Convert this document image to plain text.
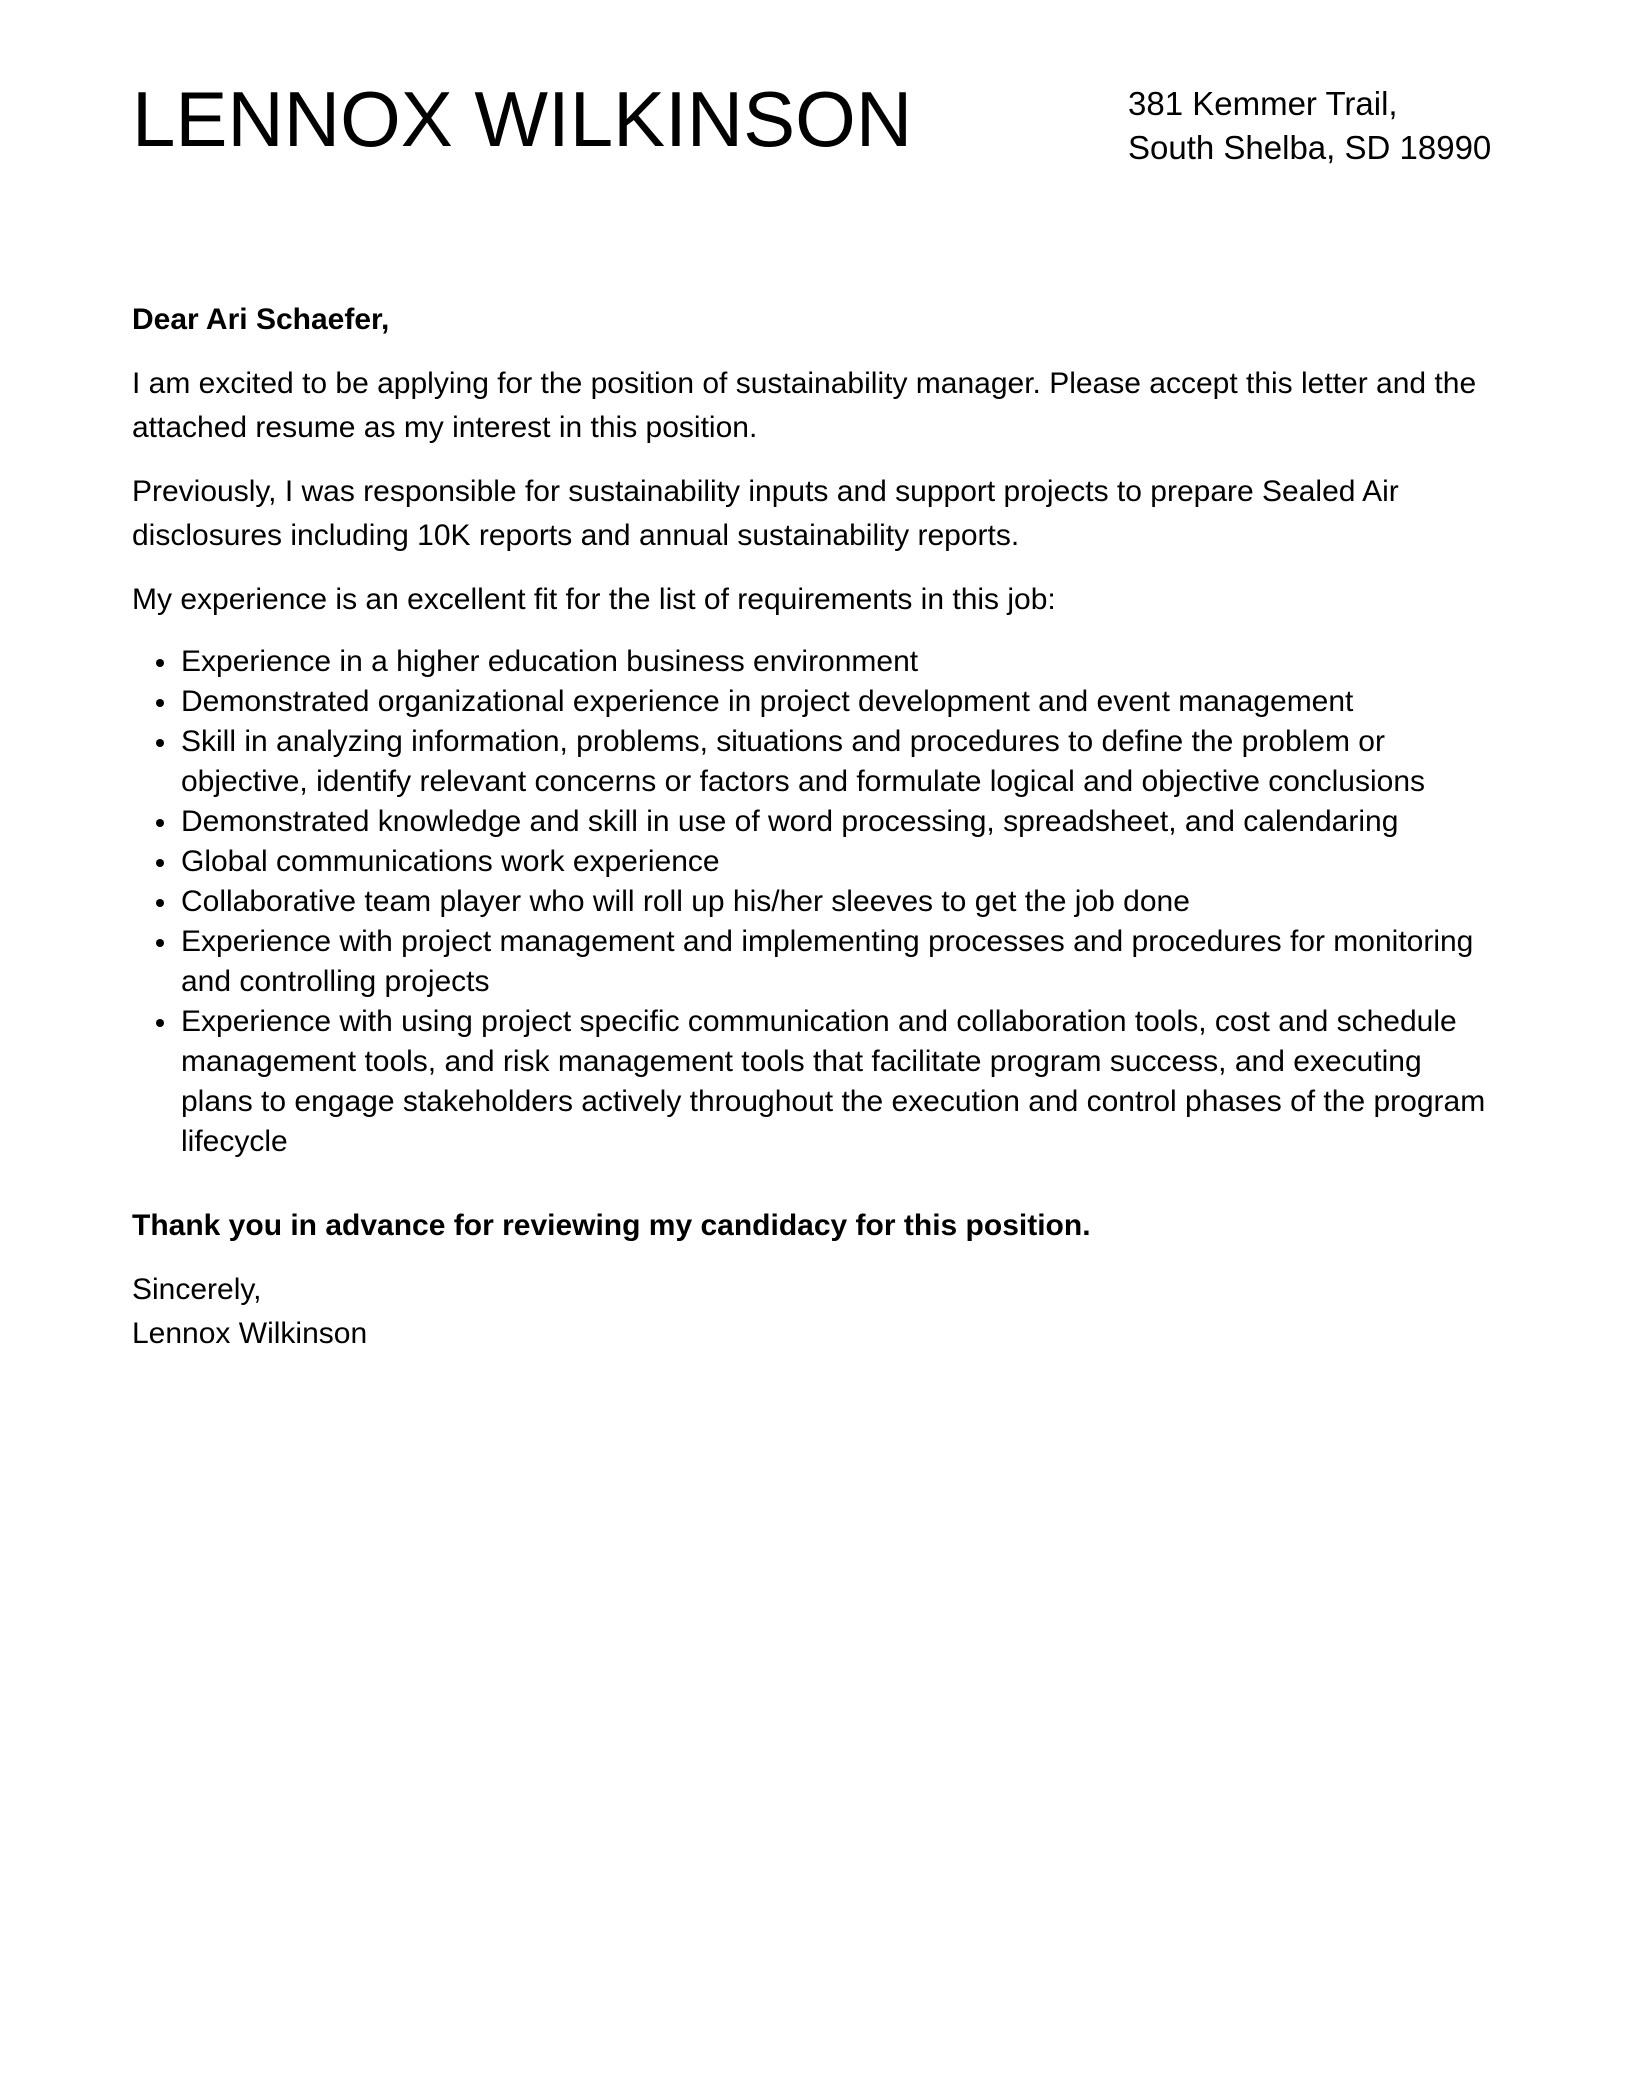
LENNOX WILKINSON	381 Kemmer Trail,
South Shelba, SD 18990

Dear Ari Schaefer,

I am excited to be applying for the position of sustainability manager. Please accept this letter and the attached resume as my interest in this position.

Previously, I was responsible for sustainability inputs and support projects to prepare Sealed Air disclosures including 10K reports and annual sustainability reports.

My experience is an excellent fit for the list of requirements in this job:

Experience in a higher education business environment
Demonstrated organizational experience in project development and event management
Skill in analyzing information, problems, situations and procedures to define the problem or objective, identify relevant concerns or factors and formulate logical and objective conclusions
Demonstrated knowledge and skill in use of word processing, spreadsheet, and calendaring
Global communications work experience
Collaborative team player who will roll up his/her sleeves to get the job done
Experience with project management and implementing processes and procedures for monitoring and controlling projects
Experience with using project specific communication and collaboration tools, cost and schedule management tools, and risk management tools that facilitate program success, and executing plans to engage stakeholders actively throughout the execution and control phases of the program lifecycle

Thank you in advance for reviewing my candidacy for this position.

Sincerely,
Lennox Wilkinson
